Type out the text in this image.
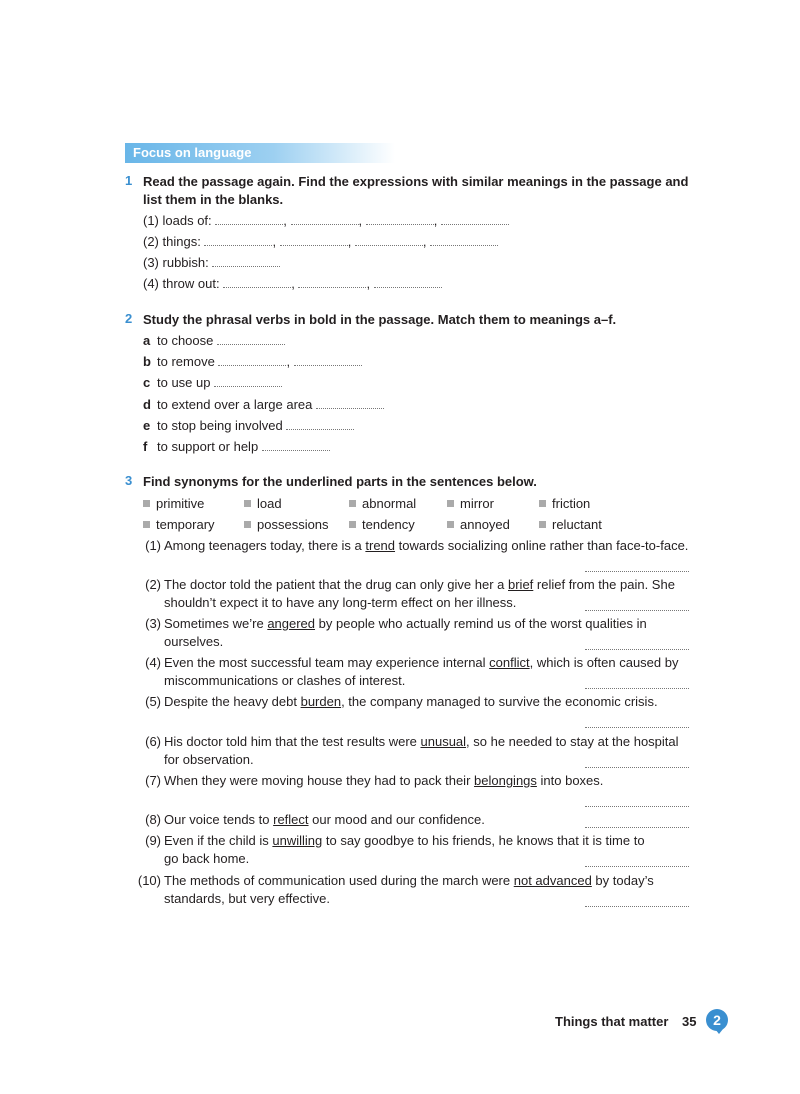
Focus on language
1 Read the passage again. Find the expressions with similar meanings in the passage and
list them in the blanks.
(1) loads of:	,	,	,
(2) things:	,	,	,
(3) rubbish:
(4) throw out:	,	,
2 Study the phrasal verbs in bold in the passage. Match them to meanings a–f.
a to choose
b to remove	,
c to use up
d to extend over a large area
e to stop being involved
f to support or help
3 Find synonyms for the underlined parts in the sentences below.
primitive	load	abnormal	mirror	friction
temporary	possessions	tendency	annoyed	reluctant
(1) Among teenagers today, there is a trend towards socializing online rather than face-to-face.
(2) The doctor told the patient that the drug can only give her a brief relief from the pain. She shouldn’t expect it to have any long-term effect on her illness.
(3) Sometimes we’re angered by people who actually remind us of the worst qualities in ourselves.
(4) Even the most successful team may experience internal conflict, which is often caused by miscommunications or clashes of interest.
(5) Despite the heavy debt burden, the company managed to survive the economic crisis.
(6) His doctor told him that the test results were unusual, so he needed to stay at the hospital for observation.
(7) When they were moving house they had to pack their belongings into boxes.
(8) Our voice tends to reflect our mood and our confidence.
(9) Even if the child is unwilling to say goodbye to his friends, he knows that it is time to go back home.
(10) The methods of communication used during the march were not advanced by today’s standards, but very effective.
Things that matter 35	2
